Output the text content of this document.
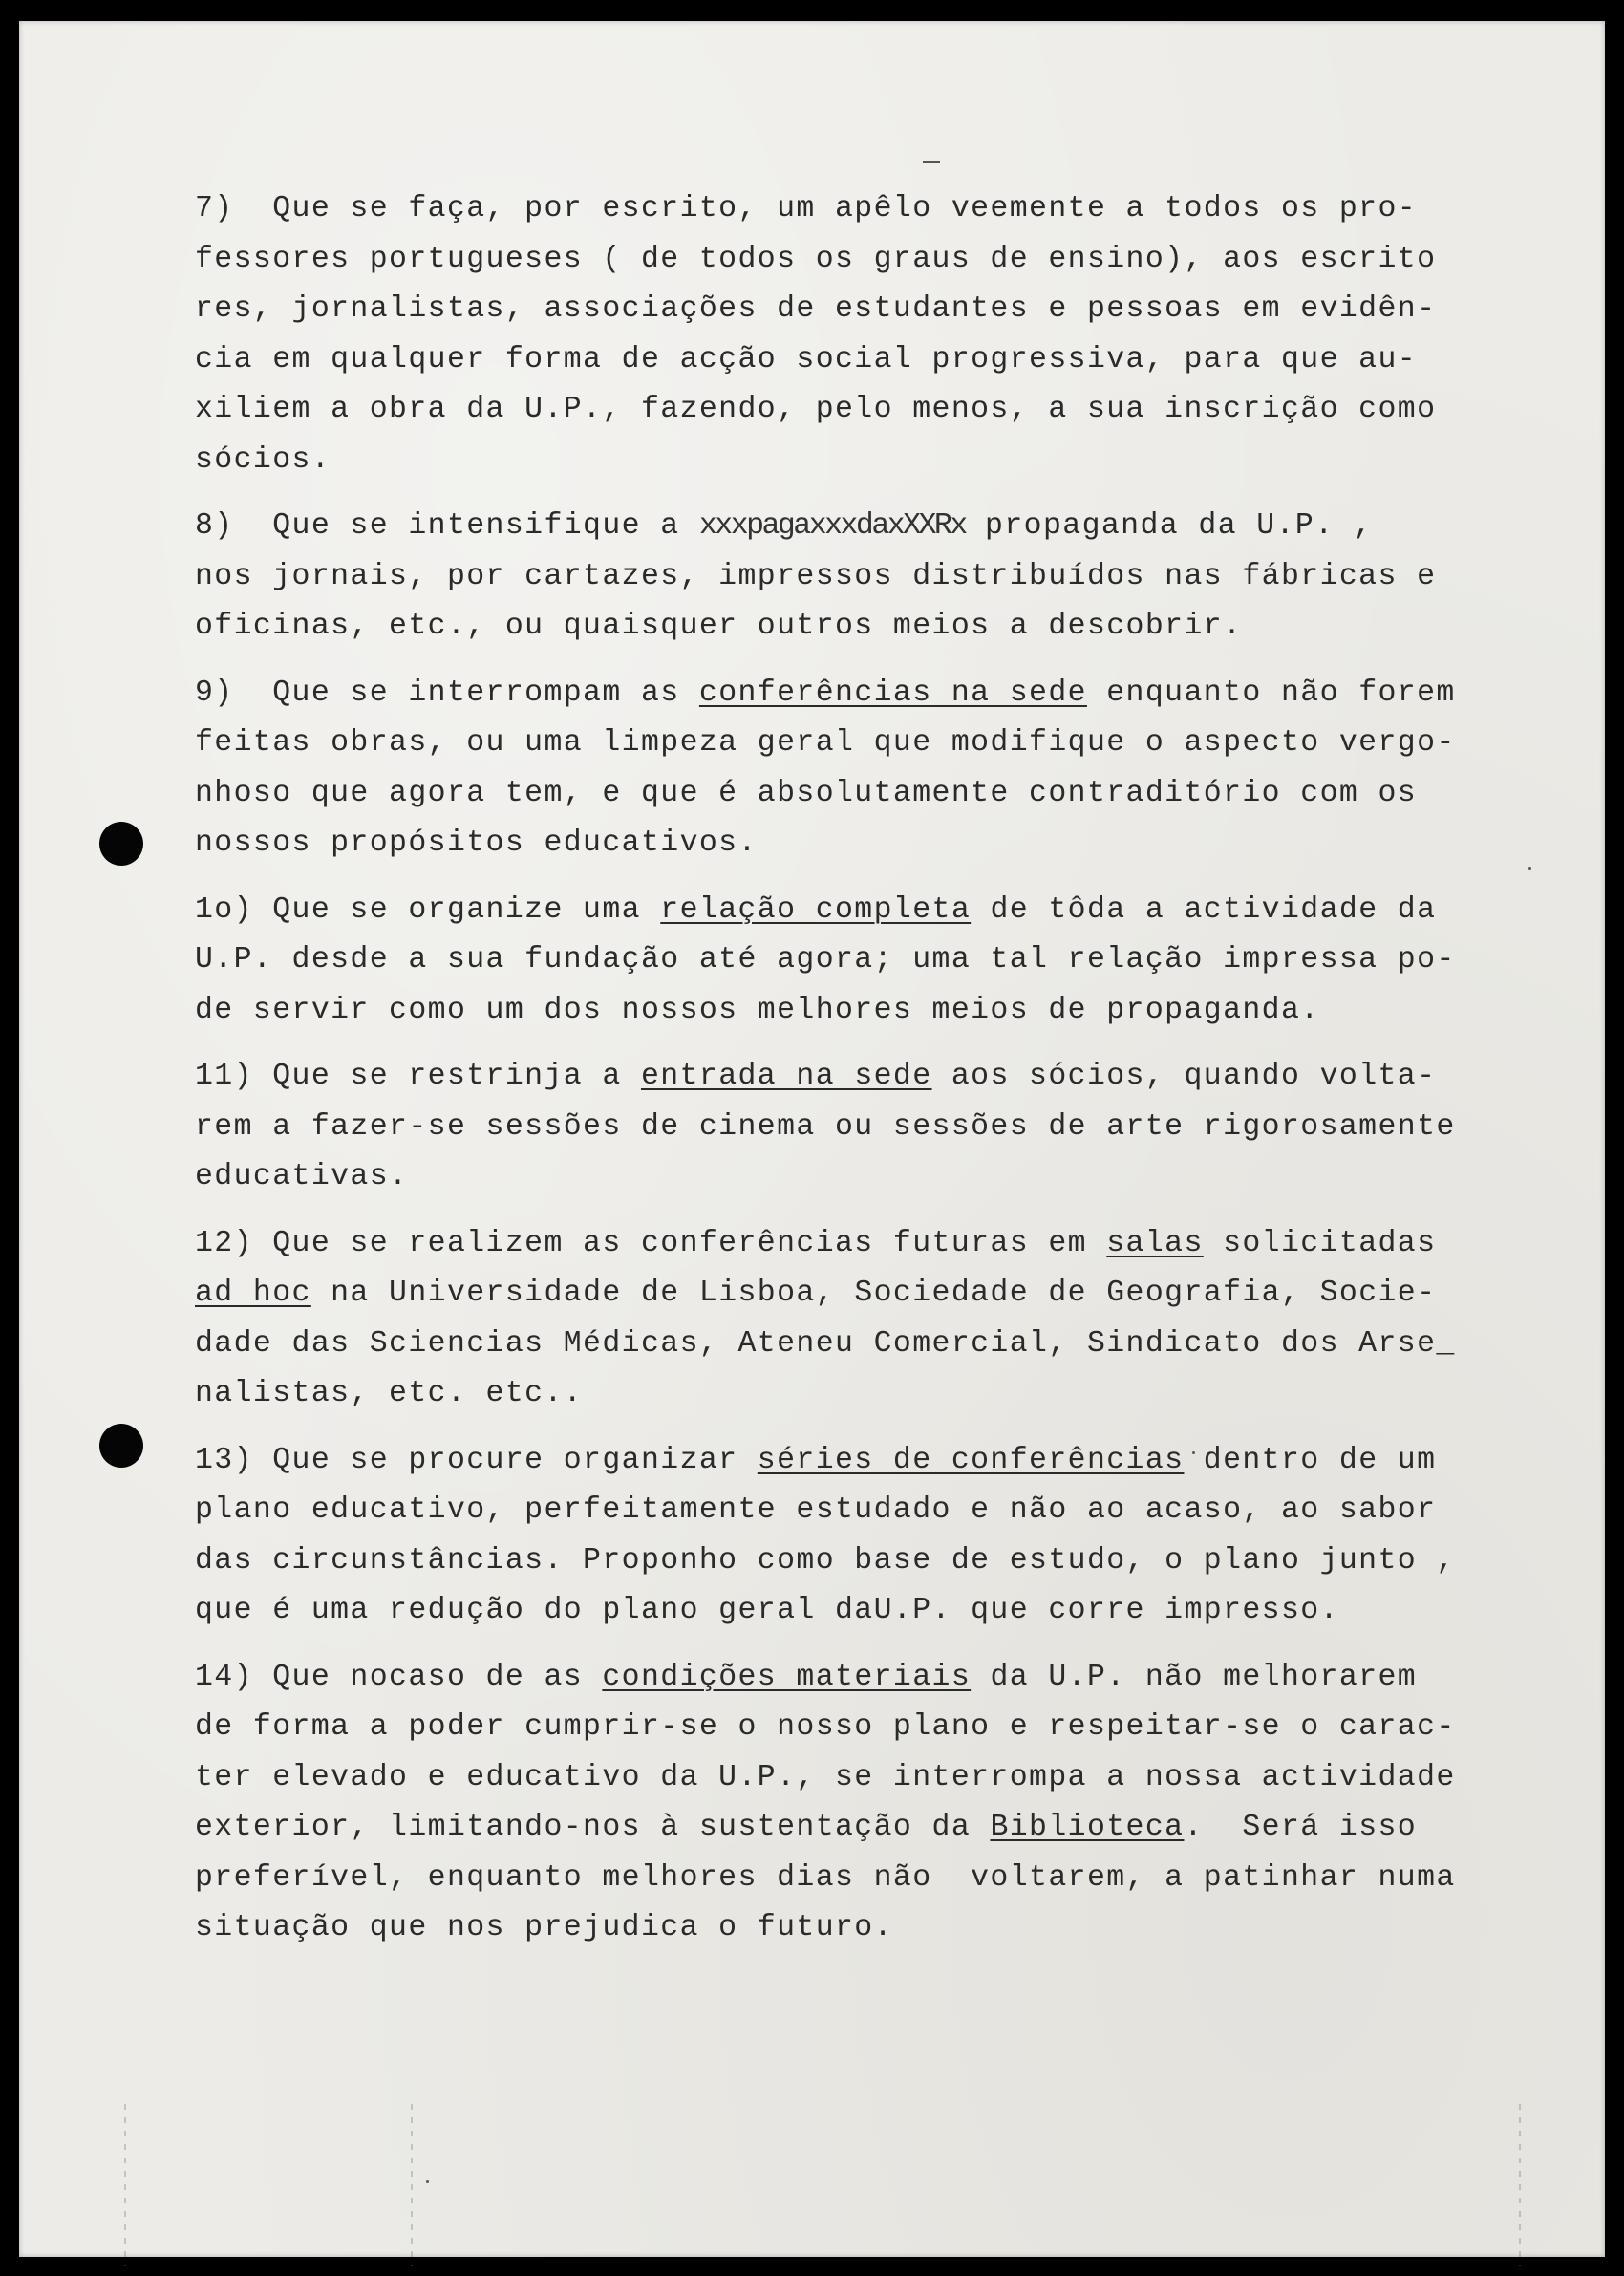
7)  Que se faça, por escrito, um apêlo veemente a todos os pro-
fessores portugueses ( de todos os graus de ensino), aos escrito
res, jornalistas, associações de estudantes e pessoas em evidên-
cia em qualquer forma de acção social progressiva, para que au-
xiliem a obra da U.P., fazendo, pelo menos, a sua inscrição como
sócios.
8)  Que se intensifique a xxxpagaxxxdaxXXRx propaganda da U.P. ,
nos jornais, por cartazes, impressos distribuídos nas fábricas e
oficinas, etc., ou quaisquer outros meios a descobrir.
9)  Que se interrompam as conferências na sede enquanto não forem
feitas obras, ou uma limpeza geral que modifique o aspecto vergo-
nhoso que agora tem, e que é absolutamente contraditório com os
nossos propósitos educativos.
1o) Que se organize uma relação completa de tôda a actividade da
U.P. desde a sua fundação até agora; uma tal relação impressa po-
de servir como um dos nossos melhores meios de propaganda.
11) Que se restrinja a entrada na sede aos sócios, quando volta-
rem a fazer-se sessões de cinema ou sessões de arte rigorosamente
educativas.
12) Que se realizem as conferências futuras em salas solicitadas
ad hoc na Universidade de Lisboa, Sociedade de Geografia, Socie-
dade das Sciencias Médicas, Ateneu Comercial, Sindicato dos Arse_
nalistas, etc. etc..
13) Que se procure organizar séries de conferências dentro de um
plano educativo, perfeitamente estudado e não ao acaso, ao sabor
das circunstâncias. Proponho como base de estudo, o plano junto ,
que é uma redução do plano geral daU.P. que corre impresso.
14) Que nocaso de as condições materiais da U.P. não melhorarem
de forma a poder cumprir-se o nosso plano e respeitar-se o carac-
ter elevado e educativo da U.P., se interrompa a nossa actividade
exterior, limitando-nos à sustentação da Biblioteca.  Será isso
preferível, enquanto melhores dias não  voltarem, a patinhar numa
situação que nos prejudica o futuro.
